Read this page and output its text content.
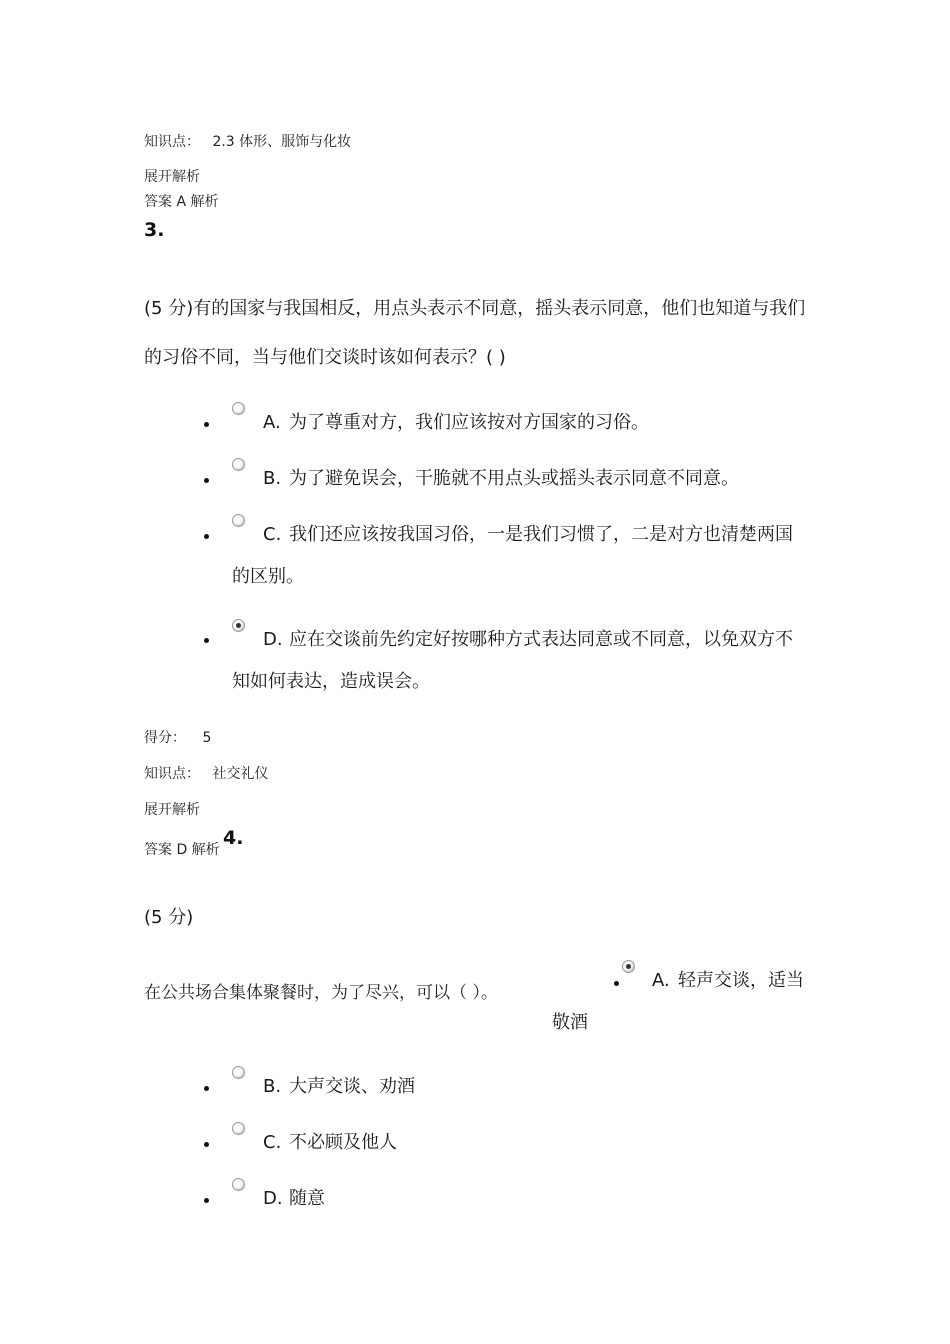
知识点： 2.3 体形、服饰与化妆
展开解析
答案 A 解析
3.
(5 分)有的国家与我国相反，用点头表示不同意，摇头表示同意，他们也知道与我们
的习俗不同，当与他们交谈时该如何表示？( )
A. 为了尊重对方，我们应该按对方国家的习俗。
B. 为了避免误会，干脆就不用点头或摇头表示同意不同意。
C. 我们还应该按我国习俗，一是我们习惯了，二是对方也清楚两国
的区别。
D. 应在交谈前先约定好按哪种方式表达同意或不同意，以免双方不
知如何表达，造成误会。
得分： 5
知识点： 社交礼仪
展开解析
答案 D 解析
4.
(5 分)
在公共场合集体聚餐时，为了尽兴，可以（ ）。
A. 轻声交谈，适当
敬酒
B. 大声交谈、劝酒
C. 不必顾及他人
D. 随意
